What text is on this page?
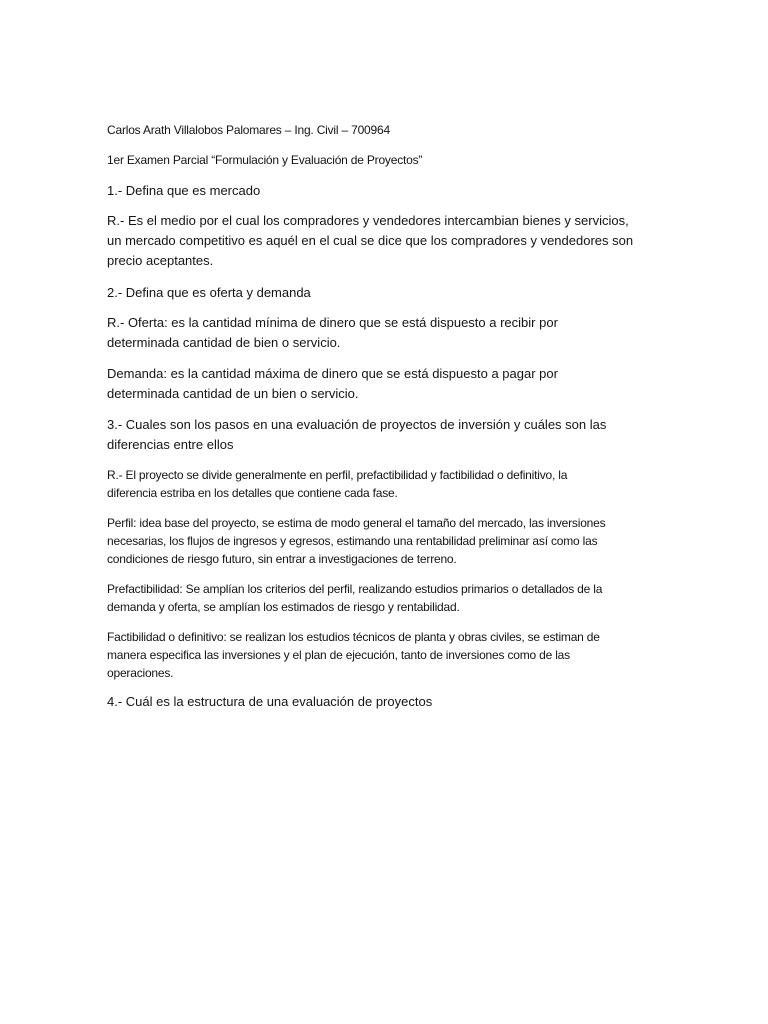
Carlos Arath Villalobos Palomares – Ing. Civil – 700964

1er Examen Parcial “Formulación y Evaluación de Proyectos”

1.- Defina que es mercado

R.- Es el medio por el cual los compradores y vendedores intercambian bienes y servicios,

un mercado competitivo es aquél en el cual se dice que los compradores y vendedores son

precio aceptantes.

2.- Defina que es oferta y demanda

R.- Oferta: es la cantidad mínima de dinero que se está dispuesto a recibir por

determinada cantidad de bien o servicio.

Demanda: es la cantidad máxima de dinero que se está dispuesto a pagar por

determinada cantidad de un bien o servicio.

3.- Cuales son los pasos en una evaluación de proyectos de inversión y cuáles son las

diferencias entre ellos

R.- El proyecto se divide generalmente en perfil, prefactibilidad y factibilidad o definitivo, la

diferencia estriba en los detalles que contiene cada fase.

Perfil: idea base del proyecto, se estima de modo general el tamaño del mercado, las inversiones

necesarias, los flujos de ingresos y egresos, estimando una rentabilidad preliminar así como las

condiciones de riesgo futuro, sin entrar a investigaciones de terreno.

Prefactibilidad: Se amplían los criterios del perfil, realizando estudios primarios o detallados de la

demanda y oferta, se amplían los estimados de riesgo y rentabilidad.

Factibilidad o definitivo: se realizan los estudios técnicos de planta y obras civiles, se estiman de

manera especifica las inversiones y el plan de ejecución, tanto de inversiones como de las

operaciones.

4.- Cuál es la estructura de una evaluación de proyectos
